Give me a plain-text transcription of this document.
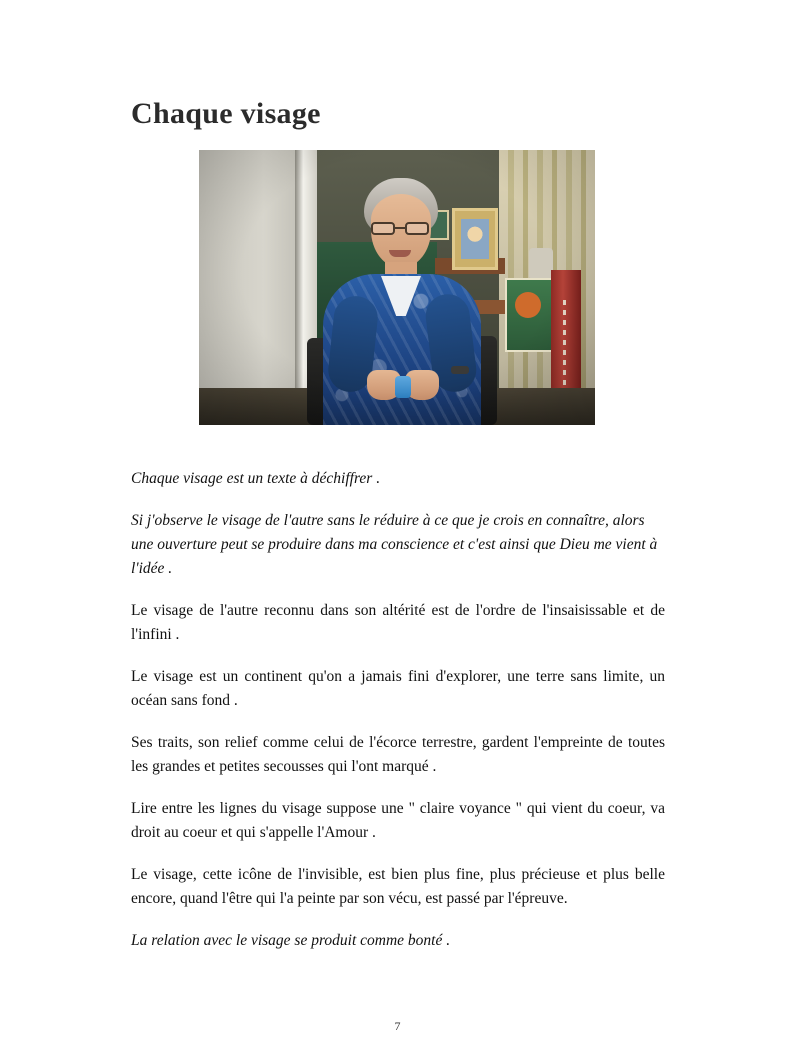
Chaque visage

Chaque visage est un texte à déchiffrer .

Si j'observe le visage de l'autre sans le réduire à ce que je crois en connaître, alors une ouverture peut se produire dans ma conscience et c'est ainsi que Dieu me vient à l'idée .

Le visage de l'autre reconnu dans son altérité est de l'ordre de l'insaisissable et de l'infini .

Le visage est un continent qu'on a jamais fini d'explorer, une terre sans limite, un océan sans fond .

Ses traits, son relief comme celui de l'écorce terrestre, gardent l'empreinte de toutes les grandes et petites secousses qui l'ont marqué .

Lire entre les lignes du visage suppose une " claire voyance " qui vient du coeur, va droit au coeur et qui s'appelle l'Amour .

Le visage, cette icône de l'invisible, est bien plus fine, plus précieuse et plus belle encore, quand l'être qui l'a peinte par son vécu, est passé par l'épreuve.

La relation avec le visage se produit comme bonté .

7
